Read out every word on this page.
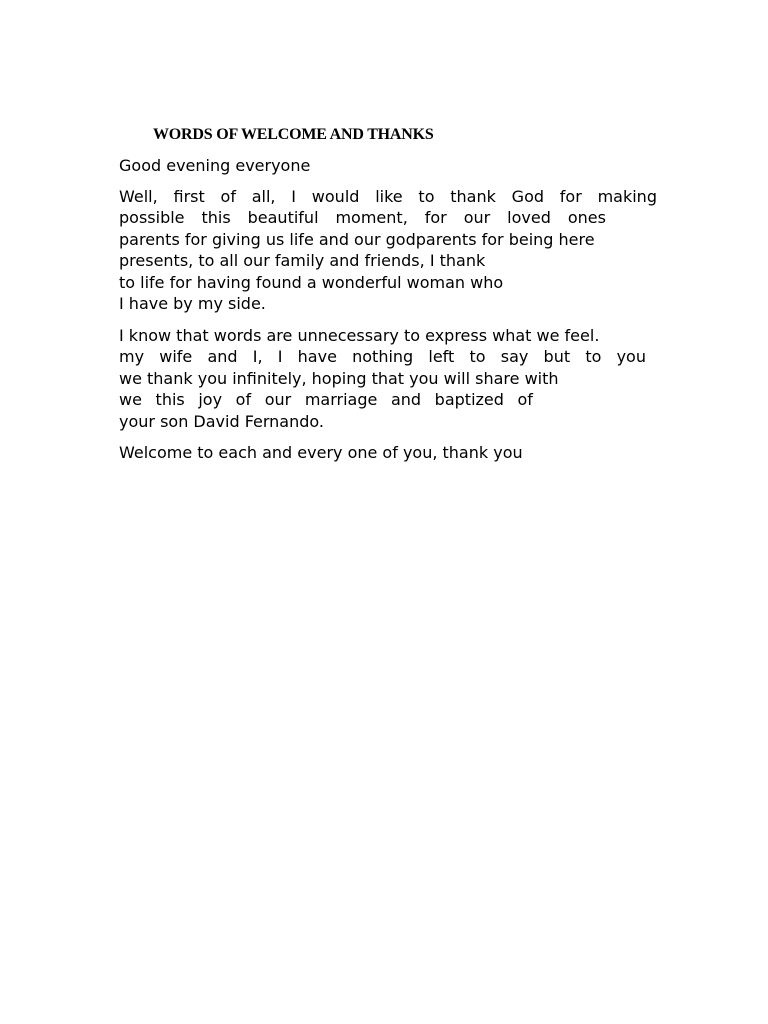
WORDS OF WELCOME AND THANKS
Good evening everyone
Well, first of all, I would like to thank God for making
possible this beautiful moment, for our loved ones
parents for giving us life and our godparents for being here
presents, to all our family and friends, I thank
to life for having found a wonderful woman who
I have by my side.
I know that words are unnecessary to express what we feel.
my wife and I, I have nothing left to say but to you
we thank you infinitely, hoping that you will share with
we this joy of our marriage and baptized of
your son David Fernando.
Welcome to each and every one of you, thank you
